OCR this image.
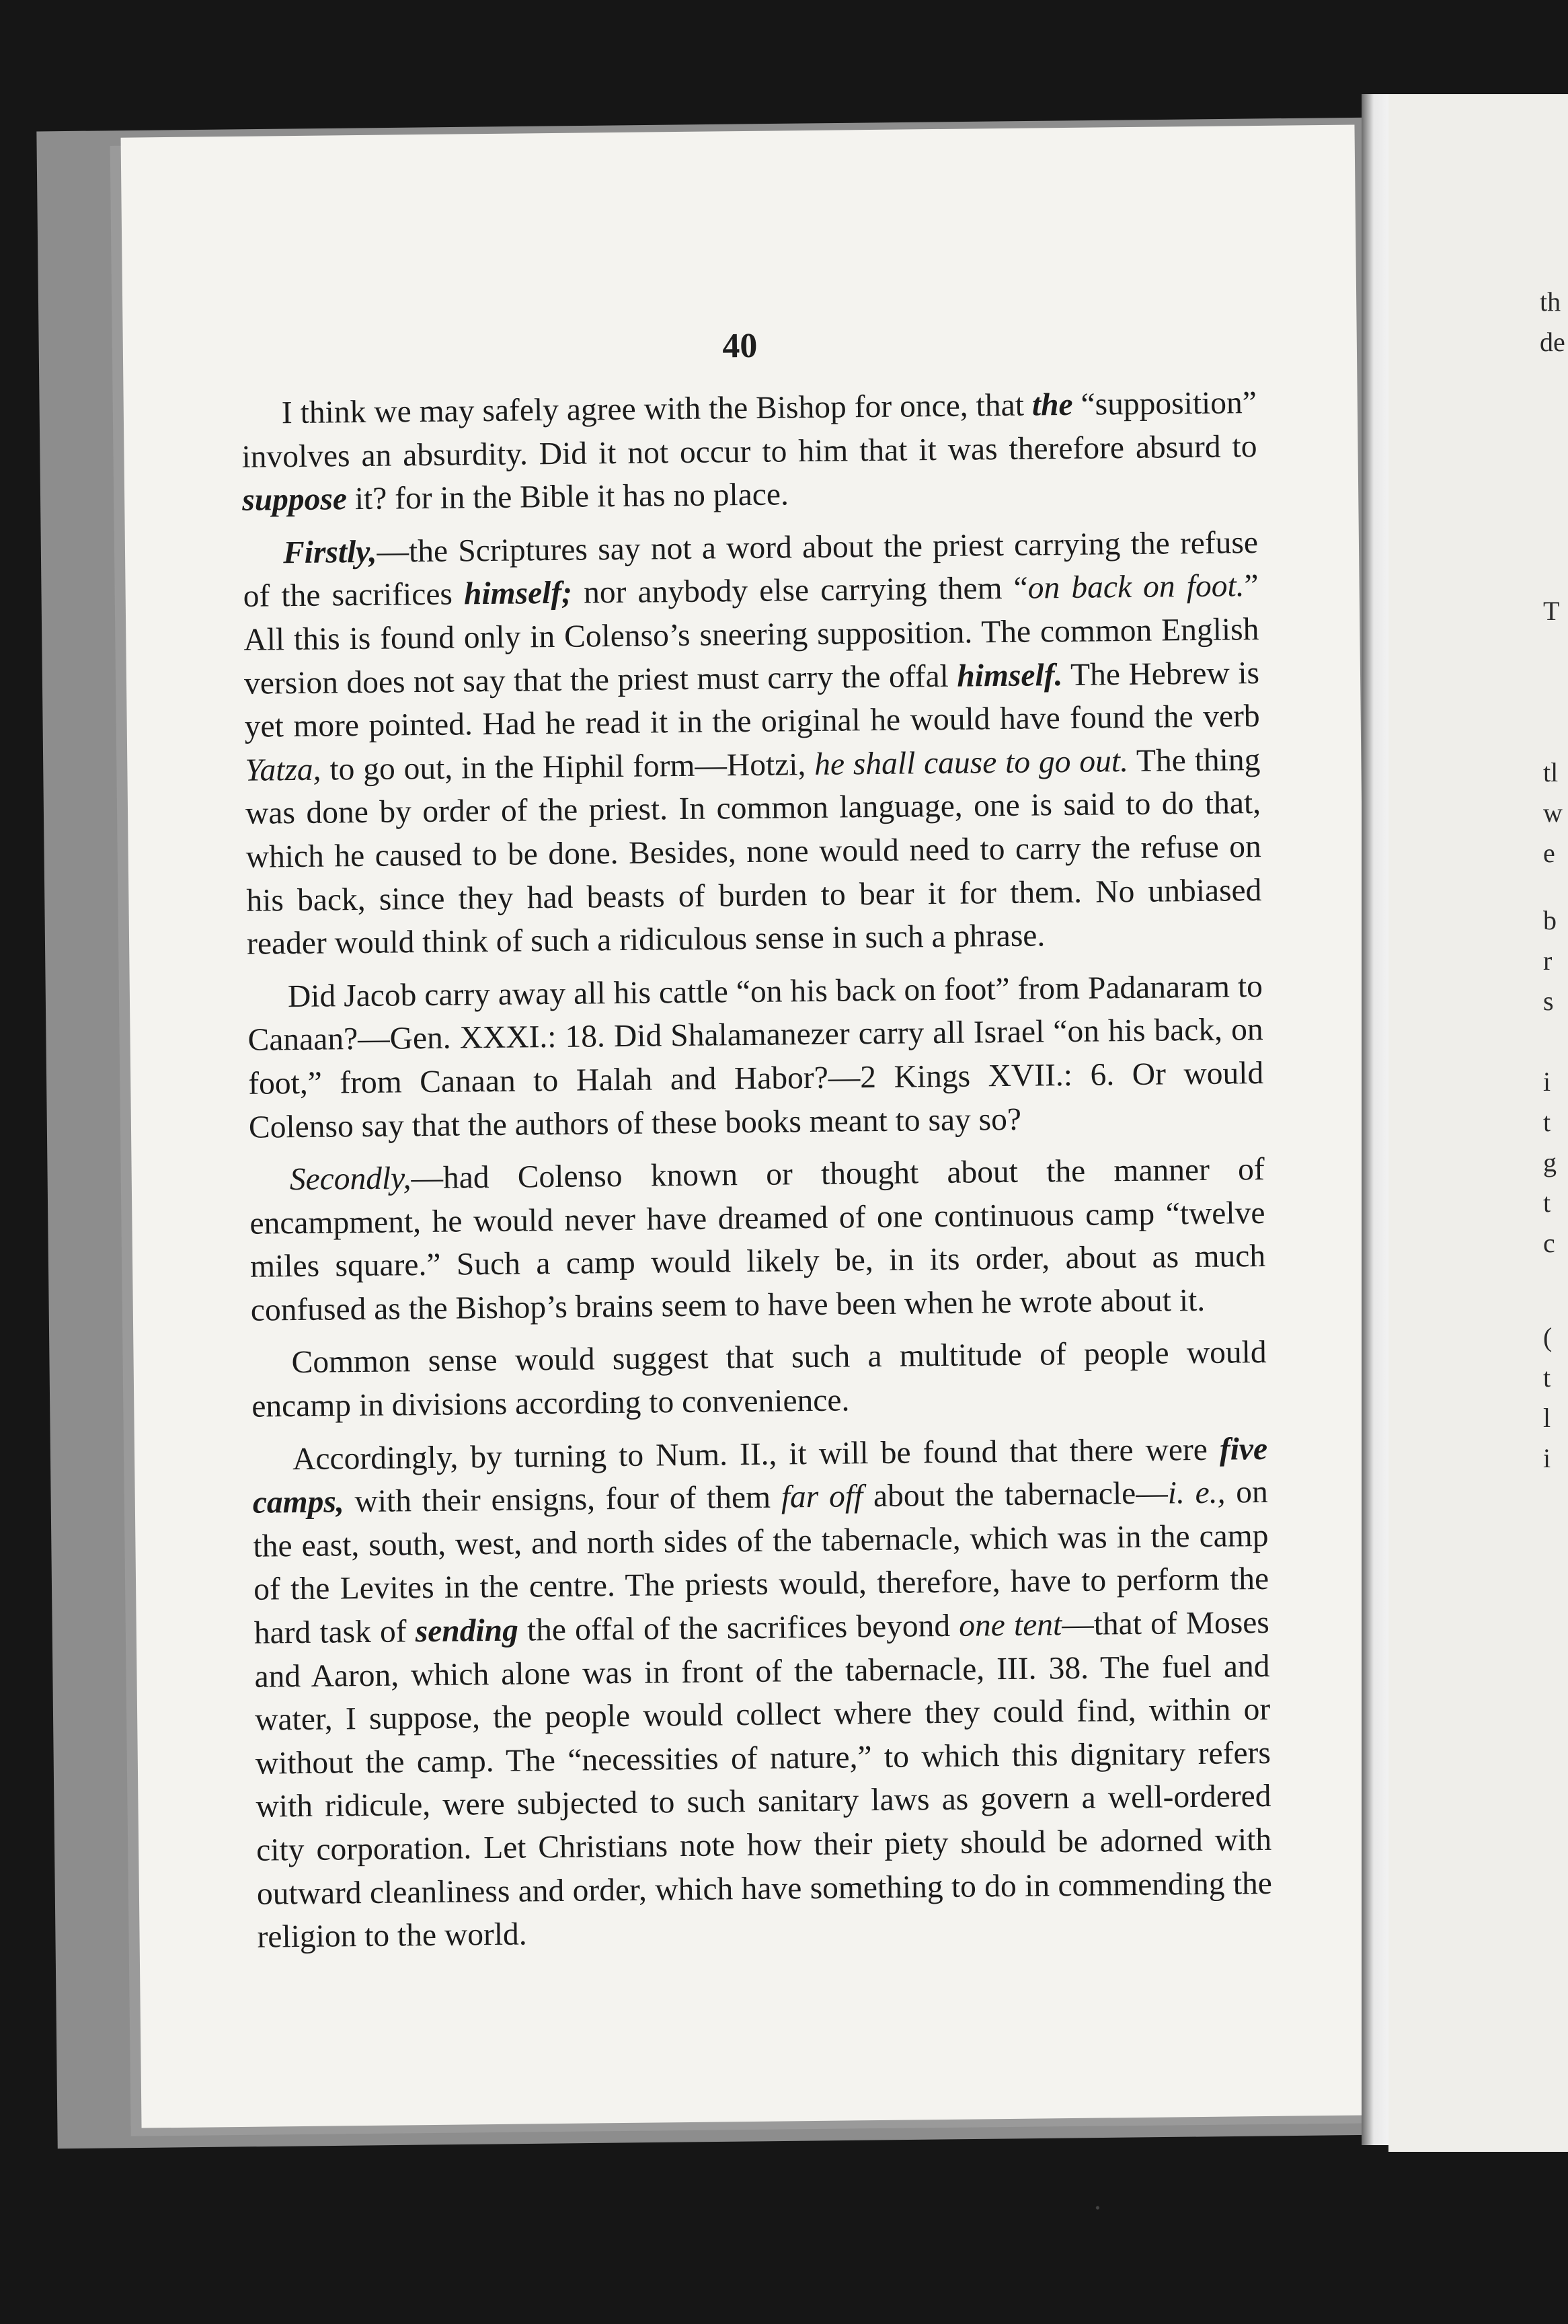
40

I think we may safely agree with the Bishop for once, that the “supposition” involves an absurdity. Did it not occur to him that it was therefore absurd to suppose it? for in the Bible it has no place.

Firstly,—the Scriptures say not a word about the priest carrying the refuse of the sacrifices himself; nor anybody else carrying them “on back on foot.” All this is found only in Colenso’s sneering supposition. The common English version does not say that the priest must carry the offal himself. The Hebrew is yet more pointed. Had he read it in the original he would have found the verb Yatza, to go out, in the Hiphil form—Hotzi, he shall cause to go out. The thing was done by order of the priest. In common language, one is said to do that, which he caused to be done. Besides, none would need to carry the refuse on his back, since they had beasts of burden to bear it for them. No unbiased reader would think of such a ridiculous sense in such a phrase.

Did Jacob carry away all his cattle “on his back on foot” from Padanaram to Canaan?—Gen. XXXI.: 18. Did Shalamanezer carry all Israel “on his back, on foot,” from Canaan to Halah and Habor?—2 Kings XVII.: 6. Or would Colenso say that the authors of these books meant to say so?

Secondly,—had Colenso known or thought about the manner of encampment, he would never have dreamed of one continuous camp “twelve miles square.” Such a camp would likely be, in its order, about as much confused as the Bishop’s brains seem to have been when he wrote about it.

Common sense would suggest that such a multitude of people would encamp in divisions according to convenience.

Accordingly, by turning to Num. II., it will be found that there were five camps, with their ensigns, four of them far off about the tabernacle—i. e., on the east, south, west, and north sides of the tabernacle, which was in the camp of the Levites in the centre. The priests would, therefore, have to perform the hard task of sending the offal of the sacrifices beyond one tent—that of Moses and Aaron, which alone was in front of the tabernacle, III. 38. The fuel and water, I suppose, the people would collect where they could find, within or without the camp. The “necessities of nature,” to which this dignitary refers with ridicule, were subjected to such sanitary laws as govern a well-ordered city corporation. Let Christians note how their piety should be adorned with outward cleanliness and order, which have something to do in commending the religion to the world.

th
de
T
tl
w
e
b
r
s
i
t
g
t
c
(
t
l
i
